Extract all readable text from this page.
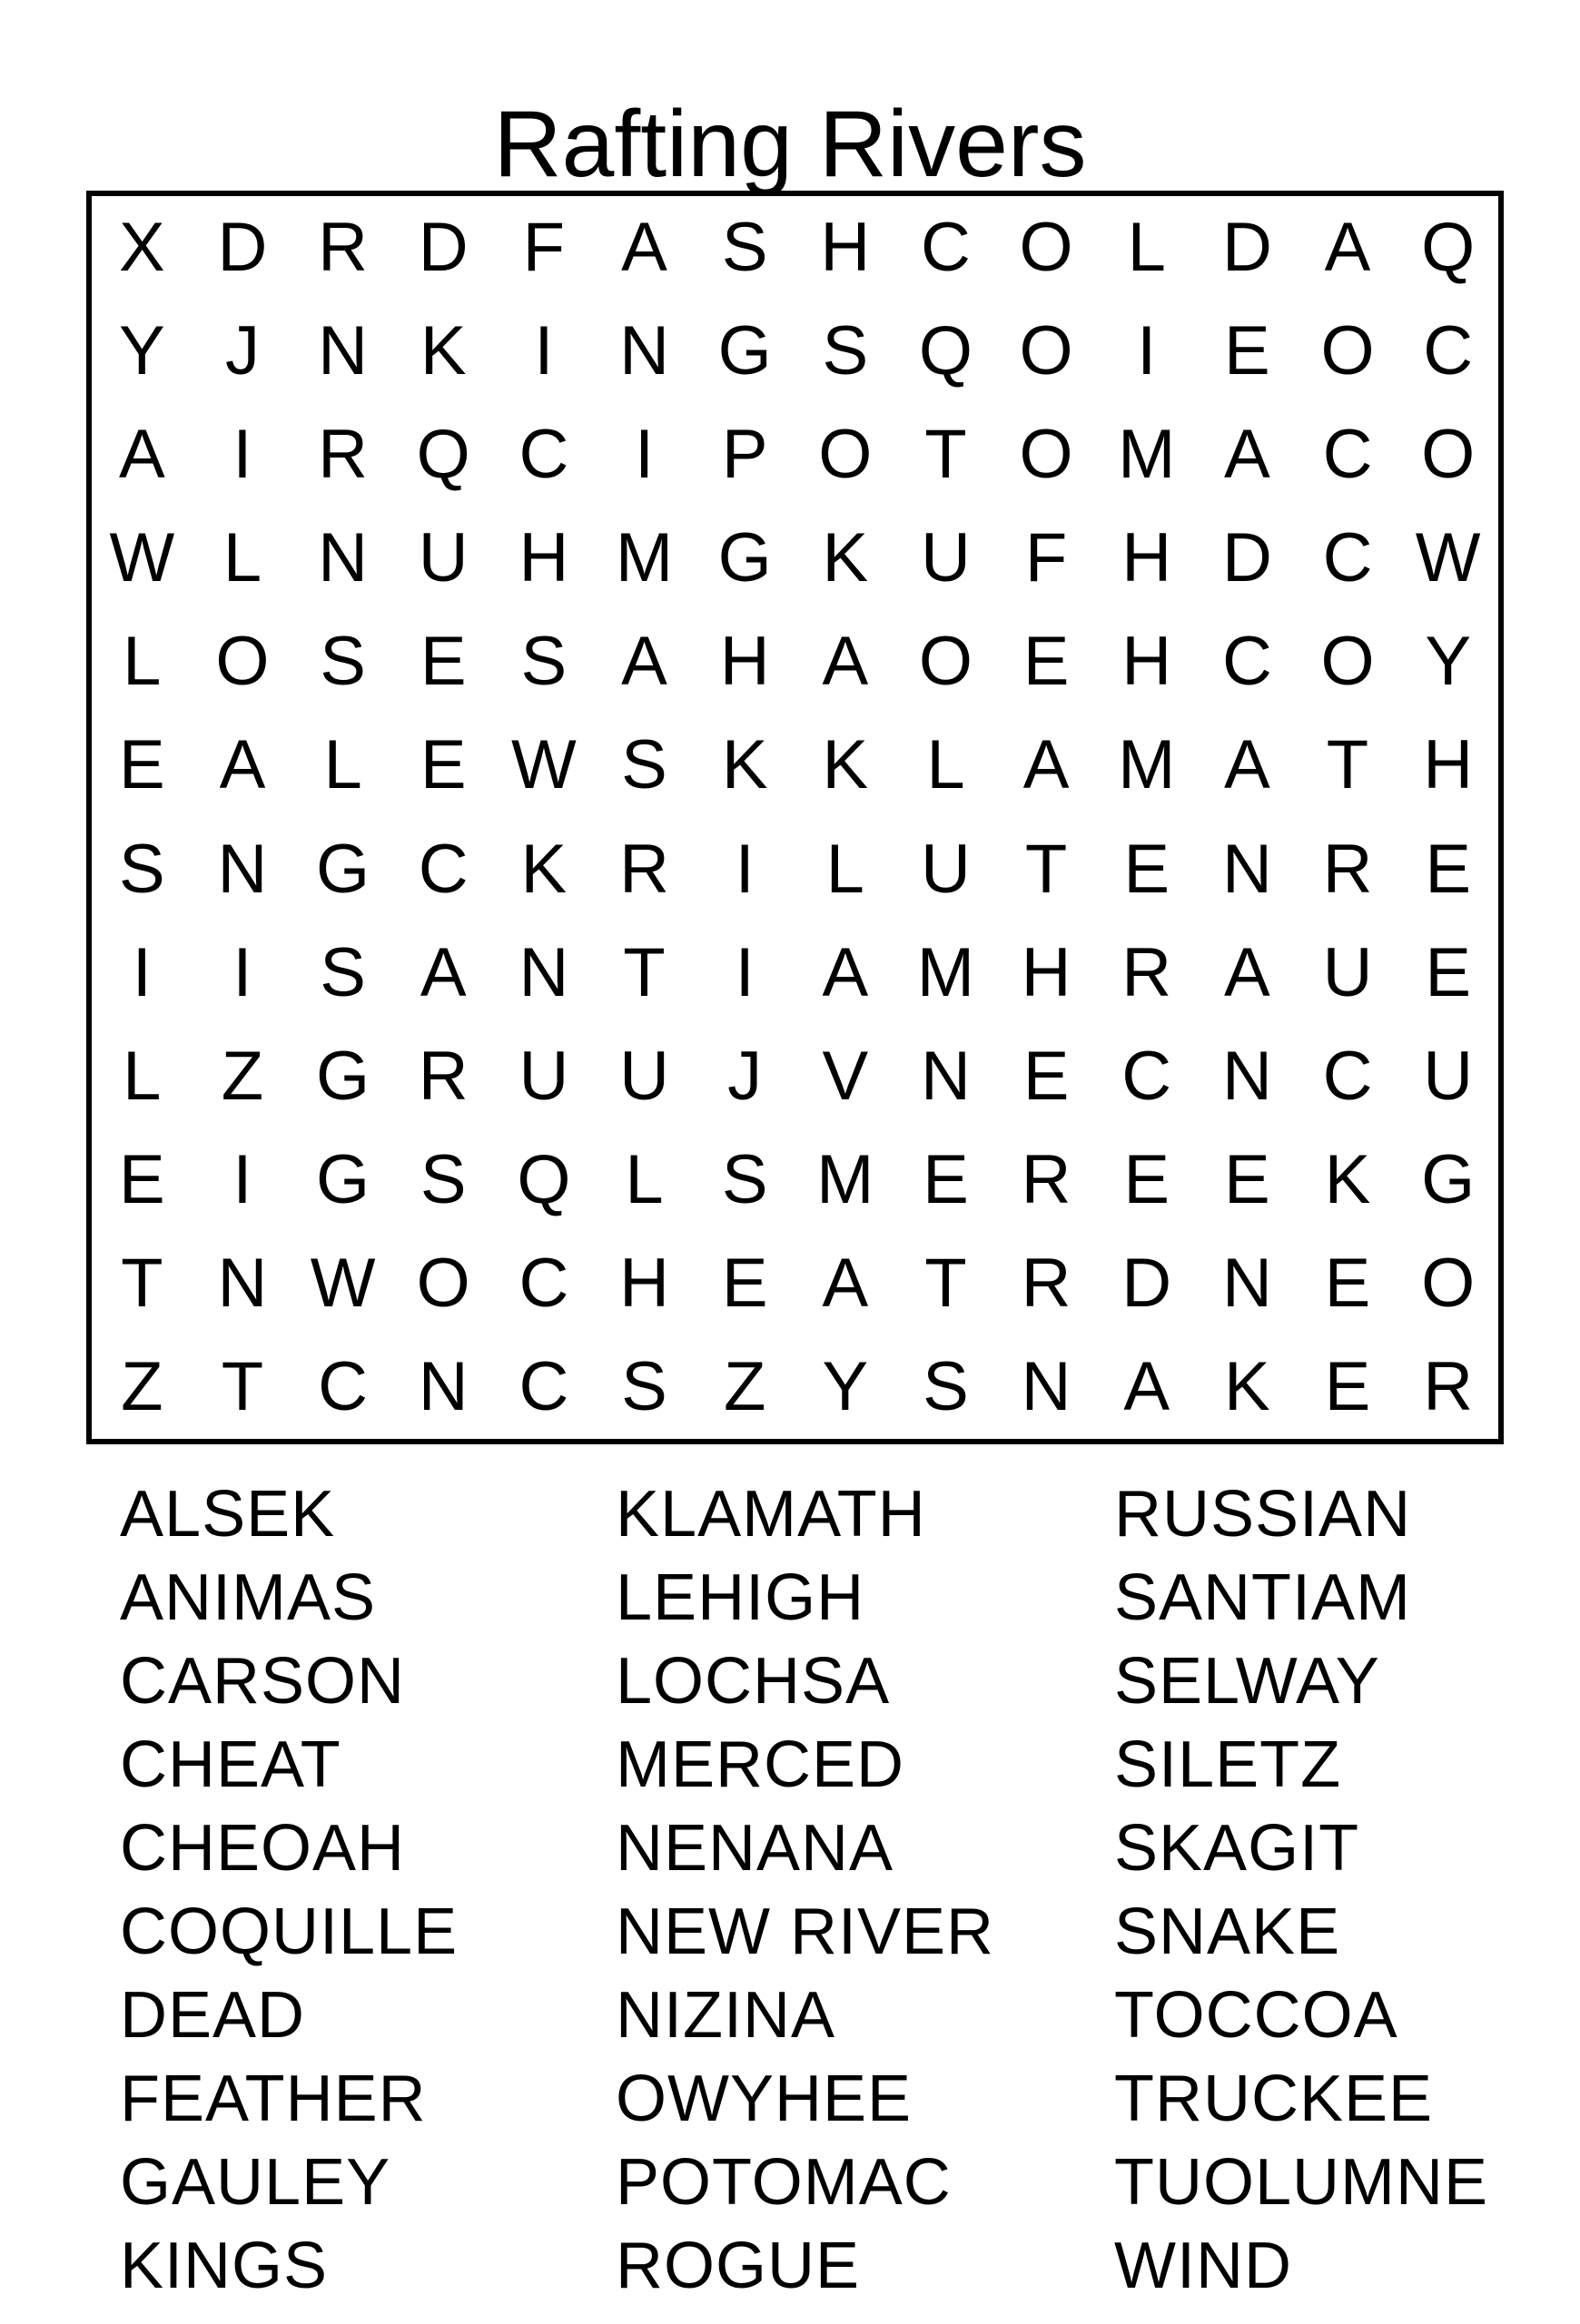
Rafting Rivers
X D R D F A S H C O L D A Q
Y J N K I N G S Q O I E O C
A I R Q C I P O T O M A C O
W L N U H M G K U F H D C W
L O S E S A H A O E H C O Y
E A L E W S K K L A M A T H
S N G C K R I	L U T E N R E
I	I S A N T	I A M H R A U E
L Z G R U U J V N E C N C U
E I G S Q L S M E R E E K G
T N W O C H E A T R D N E O
Z T C N C S Z Y S N A K E R
ALSEK
ANIMAS
CARSON
CHEAT
CHEOAH
COQUILLE
DEAD
FEATHER
GAULEY
KINGS
KLAMATH
LEHIGH
LOCHSA
MERCED
NENANA
NEW RIVER
NIZINA
OWYHEE
POTOMAC
ROGUE
RUSSIAN
SANTIAM
SELWAY
SILETZ
SKAGIT
SNAKE
TOCCOA
TRUCKEE
TUOLUMNE
WIND
